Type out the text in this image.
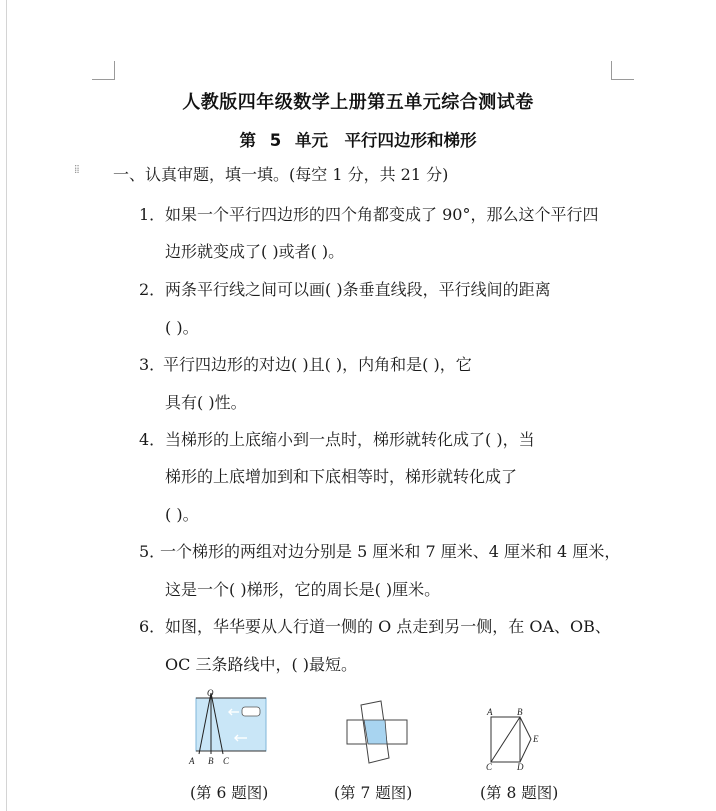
人教版四年级数学上册第五单元综合测试卷
第 5 单元　平行四边形和梯形
⁞⁞	一、认真审题，填一填。(每空 1 分，共 21 分)
1． 如果一个平行四边形的四个角都变成了 90°，那么这个平行四
边形就变成了( )或者( )。
2． 两条平行线之间可以画( )条垂直线段，平行线间的距离
( )。
3．
平行四边形的对边( )且( )，内角和是( )，它
具有( )性。
4． 当梯形的上底缩小到一点时，梯形就转化成了( )，当
梯形的上底增加到和下底相等时，梯形就转化成了
( )。
5．
一个梯形的两组对边分别是 5 厘米和 7 厘米、4 厘米和 4 厘米，
这是一个( )梯形，它的周长是( )厘米。
6． 如图，华华要从人行道一侧的 O 点走到另一侧，在 OA、OB、
OC 三条路线中，( )最短。
O
A B C
A	B
C	D
E
(第 6 题图)	(第 7 题图)	(第 8 题图)
